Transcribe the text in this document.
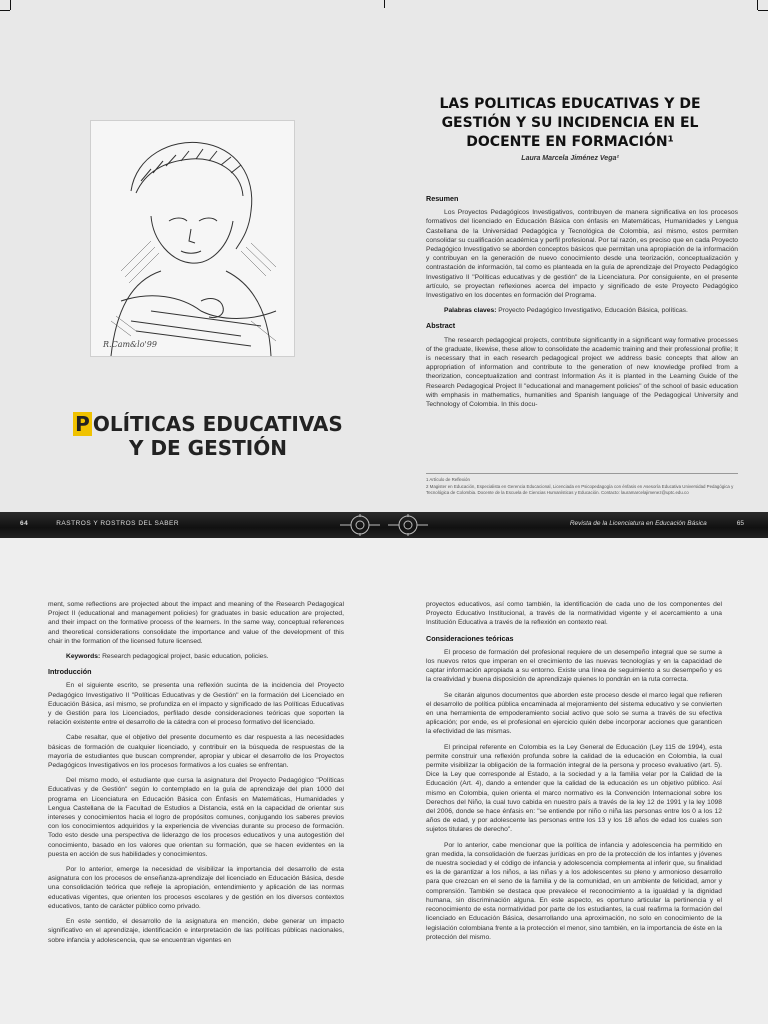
R.Cam&lo'99
P OLÍTICAS EDUCATIVAS
Y DE GESTIÓN
LAS POLITICAS EDUCATIVAS Y DE GESTIÓN Y SU INCIDENCIA EN EL DOCENTE EN FORMACIÓN¹
Laura Marcela Jiménez Vega²
Resumen

Los Proyectos Pedagógicos Investigativos, contribuyen de manera significativa en los procesos formativos del licenciado en Educación Básica con énfasis en Matemáticas, Humanidades y Lengua Castellana de la Universidad Pedagógica y Tecnológica de Colombia, así mismo, estos permiten consolidar su cualificación académica y perfil profesional. Por tal razón, es preciso que en cada Proyecto Pedagógico Investigativo se aborden conceptos básicos que permitan una apropiación de la información y contribuyan en la generación de nuevo conocimiento desde una teorización, conceptualización y contrastación de información, tal como es planteada en la guía de aprendizaje del Proyecto Pedagógico Investigativo II "Políticas educativas y de gestión" de la Licenciatura. Por consiguiente, en el presente artículo, se proyectan reflexiones acerca del impacto y significado de este Proyecto Pedagógico Investigativo en los docentes en formación del Programa.

Palabras claves: Proyecto Pedagógico Investigativo, Educación Básica, políticas.

Abstract

The research pedagogical projects, contribute significantly in a significant way formative processes of the graduate, likewise, these allow to consolidate the academic training and their professional profile; It is necessary that in each research pedagogical project we address basic concepts that allow an appropriation of information and contribute to the generation of new knowledge profiled from a theorization, conceptualization and contrast Information As it is planted in the Learning Guide of the Research Pedagogical Project II "educational and management policies" of the school of basic education with emphasis in mathematics, humanities and Spanish language of the Pedagogical University and Technology of Colombia. In this docu-

1 Artículo de Reflexión
2 Magister en Educación, Especialista en Gerencia Educacional, Licenciada en Psicopedagogía con énfasis en Asesoría Educativa Universidad Pedagógica y Tecnológica de Colombia. Docente de la Escuela de Ciencias Humanísticas y Educación. Contacto: lauramarcelajimenez@uptc.edu.co
64	RASTROS Y ROSTROS DEL SABER	Revista de la Licenciatura en Educación Básica	65

ment, some reflections are projected about the impact and meaning of the Research Pedagogical Project II (educational and management policies) for graduates in basic education are projected, and their impact on the formative process of the learners. In the same way, conceptual references and theoretical considerations consolidate the importance and value of the development of this chair in the formation of the licensed future licensed.

Keywords: Research pedagogical project, basic education, policies.

Introducción

En el siguiente escrito, se presenta una reflexión sucinta de la incidencia del Proyecto Pedagógico Investigativo II "Políticas Educativas y de Gestión" en la formación del Licenciado en Educación Básica, así mismo, se profundiza en el impacto y significado de las Políticas Educativas y de Gestión para los Licenciados, perfilado desde consideraciones teóricas que soporten la relación existente entre el desarrollo de la cátedra con el proceso formativo del licenciado.

Cabe resaltar, que el objetivo del presente documento es dar respuesta a las necesidades básicas de formación de cualquier licenciado, y contribuir en la búsqueda de respuestas de la mayoría de estudiantes que buscan comprender, apropiar y ubicar el desarrollo de los Proyectos Pedagógicos Investigativos en los procesos formativos a los cuales se enfrentan.

Del mismo modo, el estudiante que cursa la asignatura del Proyecto Pedagógico "Políticas Educativas y de Gestión" según lo contemplado en la guía de aprendizaje del plan 1000 del programa en Licenciatura en Educación Básica con Énfasis en Matemáticas, Humanidades y Lengua Castellana de la Facultad de Estudios a Distancia, está en la capacidad de orientar sus intereses y conocimientos hacia el logro de propósitos comunes, conjugando los saberes previos con los conocimientos adquiridos y la experiencia de vivencias durante su proceso de formación. Todo esto desde una perspectiva de liderazgo de los procesos educativos y una autogestión del conocimiento, basado en los valores que orientan su formación, que se hacen evidentes en la puesta en acción de sus habilidades y conocimientos.

Por lo anterior, emerge la necesidad de visibilizar la importancia del desarrollo de esta asignatura con los procesos de enseñanza-aprendizaje del licenciado en Educación Básica, desde una consolidación teórica que refleje la apropiación, entendimiento y aplicación de las normas educativas vigentes, que orienten los procesos escolares y de gestión en los diversos contextos educativos, tanto de carácter público como privado.

En este sentido, el desarrollo de la asignatura en mención, debe generar un impacto significativo en el aprendizaje, identificación e interpretación de las políticas públicas nacionales, sobre infancia y adolescencia, que se encuentran vigentes en

proyectos educativos, así como también, la identificación de cada uno de los componentes del Proyecto Educativo Institucional, a través de la normatividad vigente y el acercamiento a una Institución Educativa a través de la reflexión en contexto real.

Consideraciones teóricas

El proceso de formación del profesional requiere de un desempeño integral que se sume a los nuevos retos que imperan en el crecimiento de las nuevas tecnologías y en la capacidad de captar información apropiada a su entorno. Existe una línea de seguimiento a su desempeño y es la creatividad y buena disposición de aprendizaje quienes lo pondrán en la ruta correcta.

Se citarán algunos documentos que aborden este proceso desde el marco legal que refieren el desarrollo de política pública encaminada al mejoramiento del sistema educativo y se convierten en una herramienta de empoderamiento social activo que solo se suma a través de su efectiva aplicación; por ende, es el profesional en ejercicio quién debe incorporar acciones que garanticen la efectividad de las mismas.

El principal referente en Colombia es la Ley General de Educación (Ley 115 de 1994), esta permite construir una reflexión profunda sobre la calidad de la educación en Colombia, la cual permite visibilizar la obligación de la formación integral de la persona y proceso evaluativo (art. 5). Dice la Ley que corresponde al Estado, a la sociedad y a la familia velar por la Calidad de la Educación (Art. 4), dando a entender que la calidad de la educación es un objetivo público. Así mismo en Colombia, quien orienta el marco normativo es la Convención Internacional sobre los Derechos del Niño, la cual tuvo cabida en nuestro país a través de la ley 12 de 1991 y la ley 1098 del 2006, donde se hace énfasis en: "se entiende por niño o niña las personas entre los 0 a los 12 años de edad, y por adolescente las personas entre los 13 y los 18 años de edad los cuales son sujetos titulares de derecho".

Por lo anterior, cabe mencionar que la política de infancia y adolescencia ha permitido en gran medida, la consolidación de fuerzas jurídicas en pro de la protección de los infantes y jóvenes de nuestra sociedad y el código de infancia y adolescencia complementa al inferir que, su finalidad es la de garantizar a los niños, a las niñas y a los adolescentes su pleno y armonioso desarrollo para que crezcan en el seno de la familia y de la comunidad, en un ambiente de felicidad, amor y comprensión. También se destaca que prevalece el reconocimiento a la igualdad y la dignidad humana, sin discriminación alguna. En este aspecto, es oportuno articular la pertinencia y el reconocimiento de esta normatividad por parte de los estudiantes, la cual reafirma la formación del licenciado en Educación Básica, desarrollando una aproximación, no solo en conocimiento de la legislación colombiana frente a la protección el menor, sino también, en la importancia de éste en la protección del mismo.
